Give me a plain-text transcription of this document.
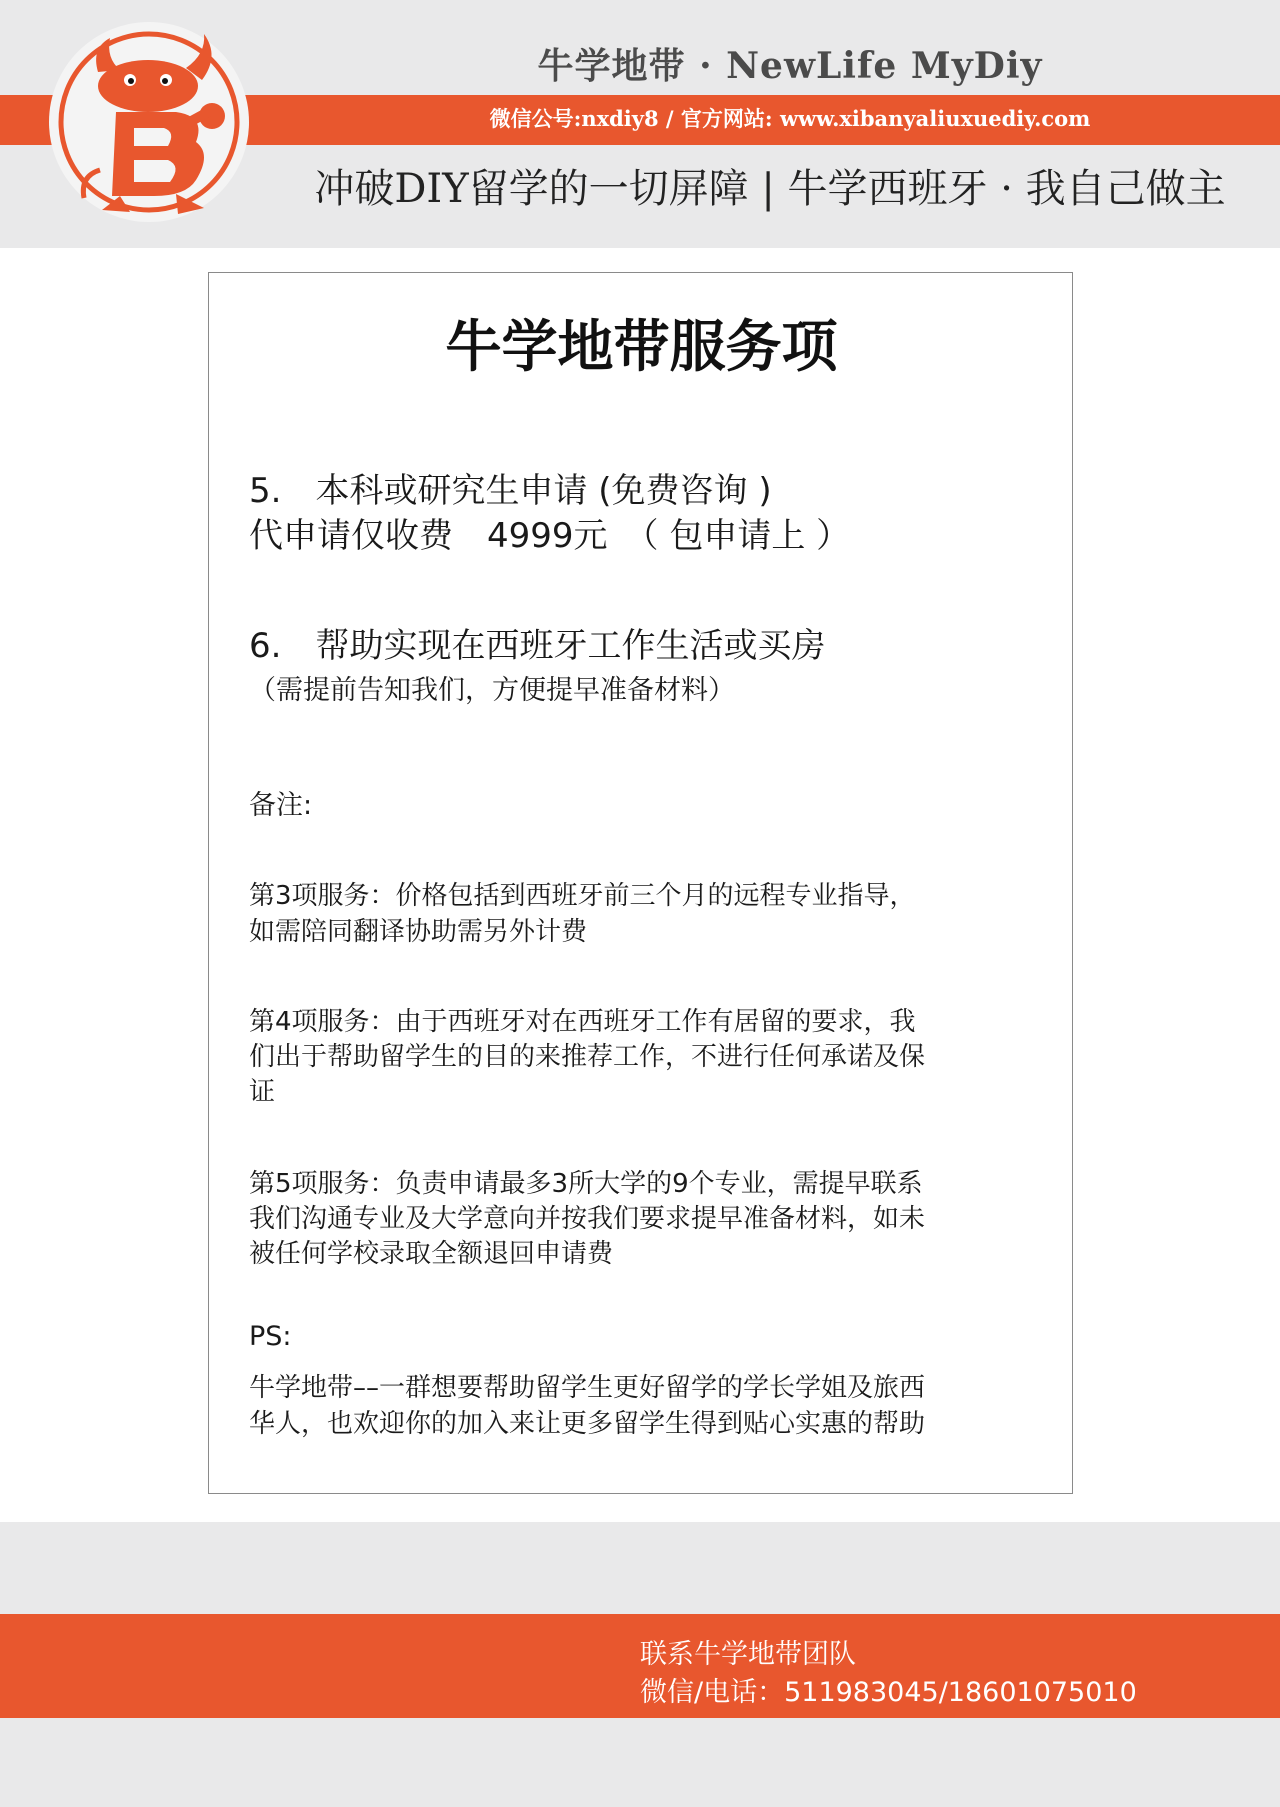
牛学地带 · NewLife MyDiy
微信公号:nxdiy8 / 官方网站: www.xibanyaliuxuediy.com
冲破DIY留学的一切屏障 | 牛学西班牙 · 我自己做主
牛学地带服务项
5.　本科或研究生申请 (免费咨询 )
代申请仅收费　4999元　（ 包申请上 ）
6.　帮助实现在西班牙工作生活或买房
（需提前告知我们，方便提早准备材料）
备注:
第3项服务：价格包括到西班牙前三个月的远程专业指导，
如需陪同翻译协助需另外计费
第4项服务：由于西班牙对在西班牙工作有居留的要求，我
们出于帮助留学生的目的来推荐工作，不进行任何承诺及保
证
第5项服务：负责申请最多3所大学的9个专业，需提早联系
我们沟通专业及大学意向并按我们要求提早准备材料，如未
被任何学校录取全额退回申请费
PS:
牛学地带––一群想要帮助留学生更好留学的学长学姐及旅西
华人，也欢迎你的加入来让更多留学生得到贴心实惠的帮助
联系牛学地带团队
微信/电话：511983045/18601075010
